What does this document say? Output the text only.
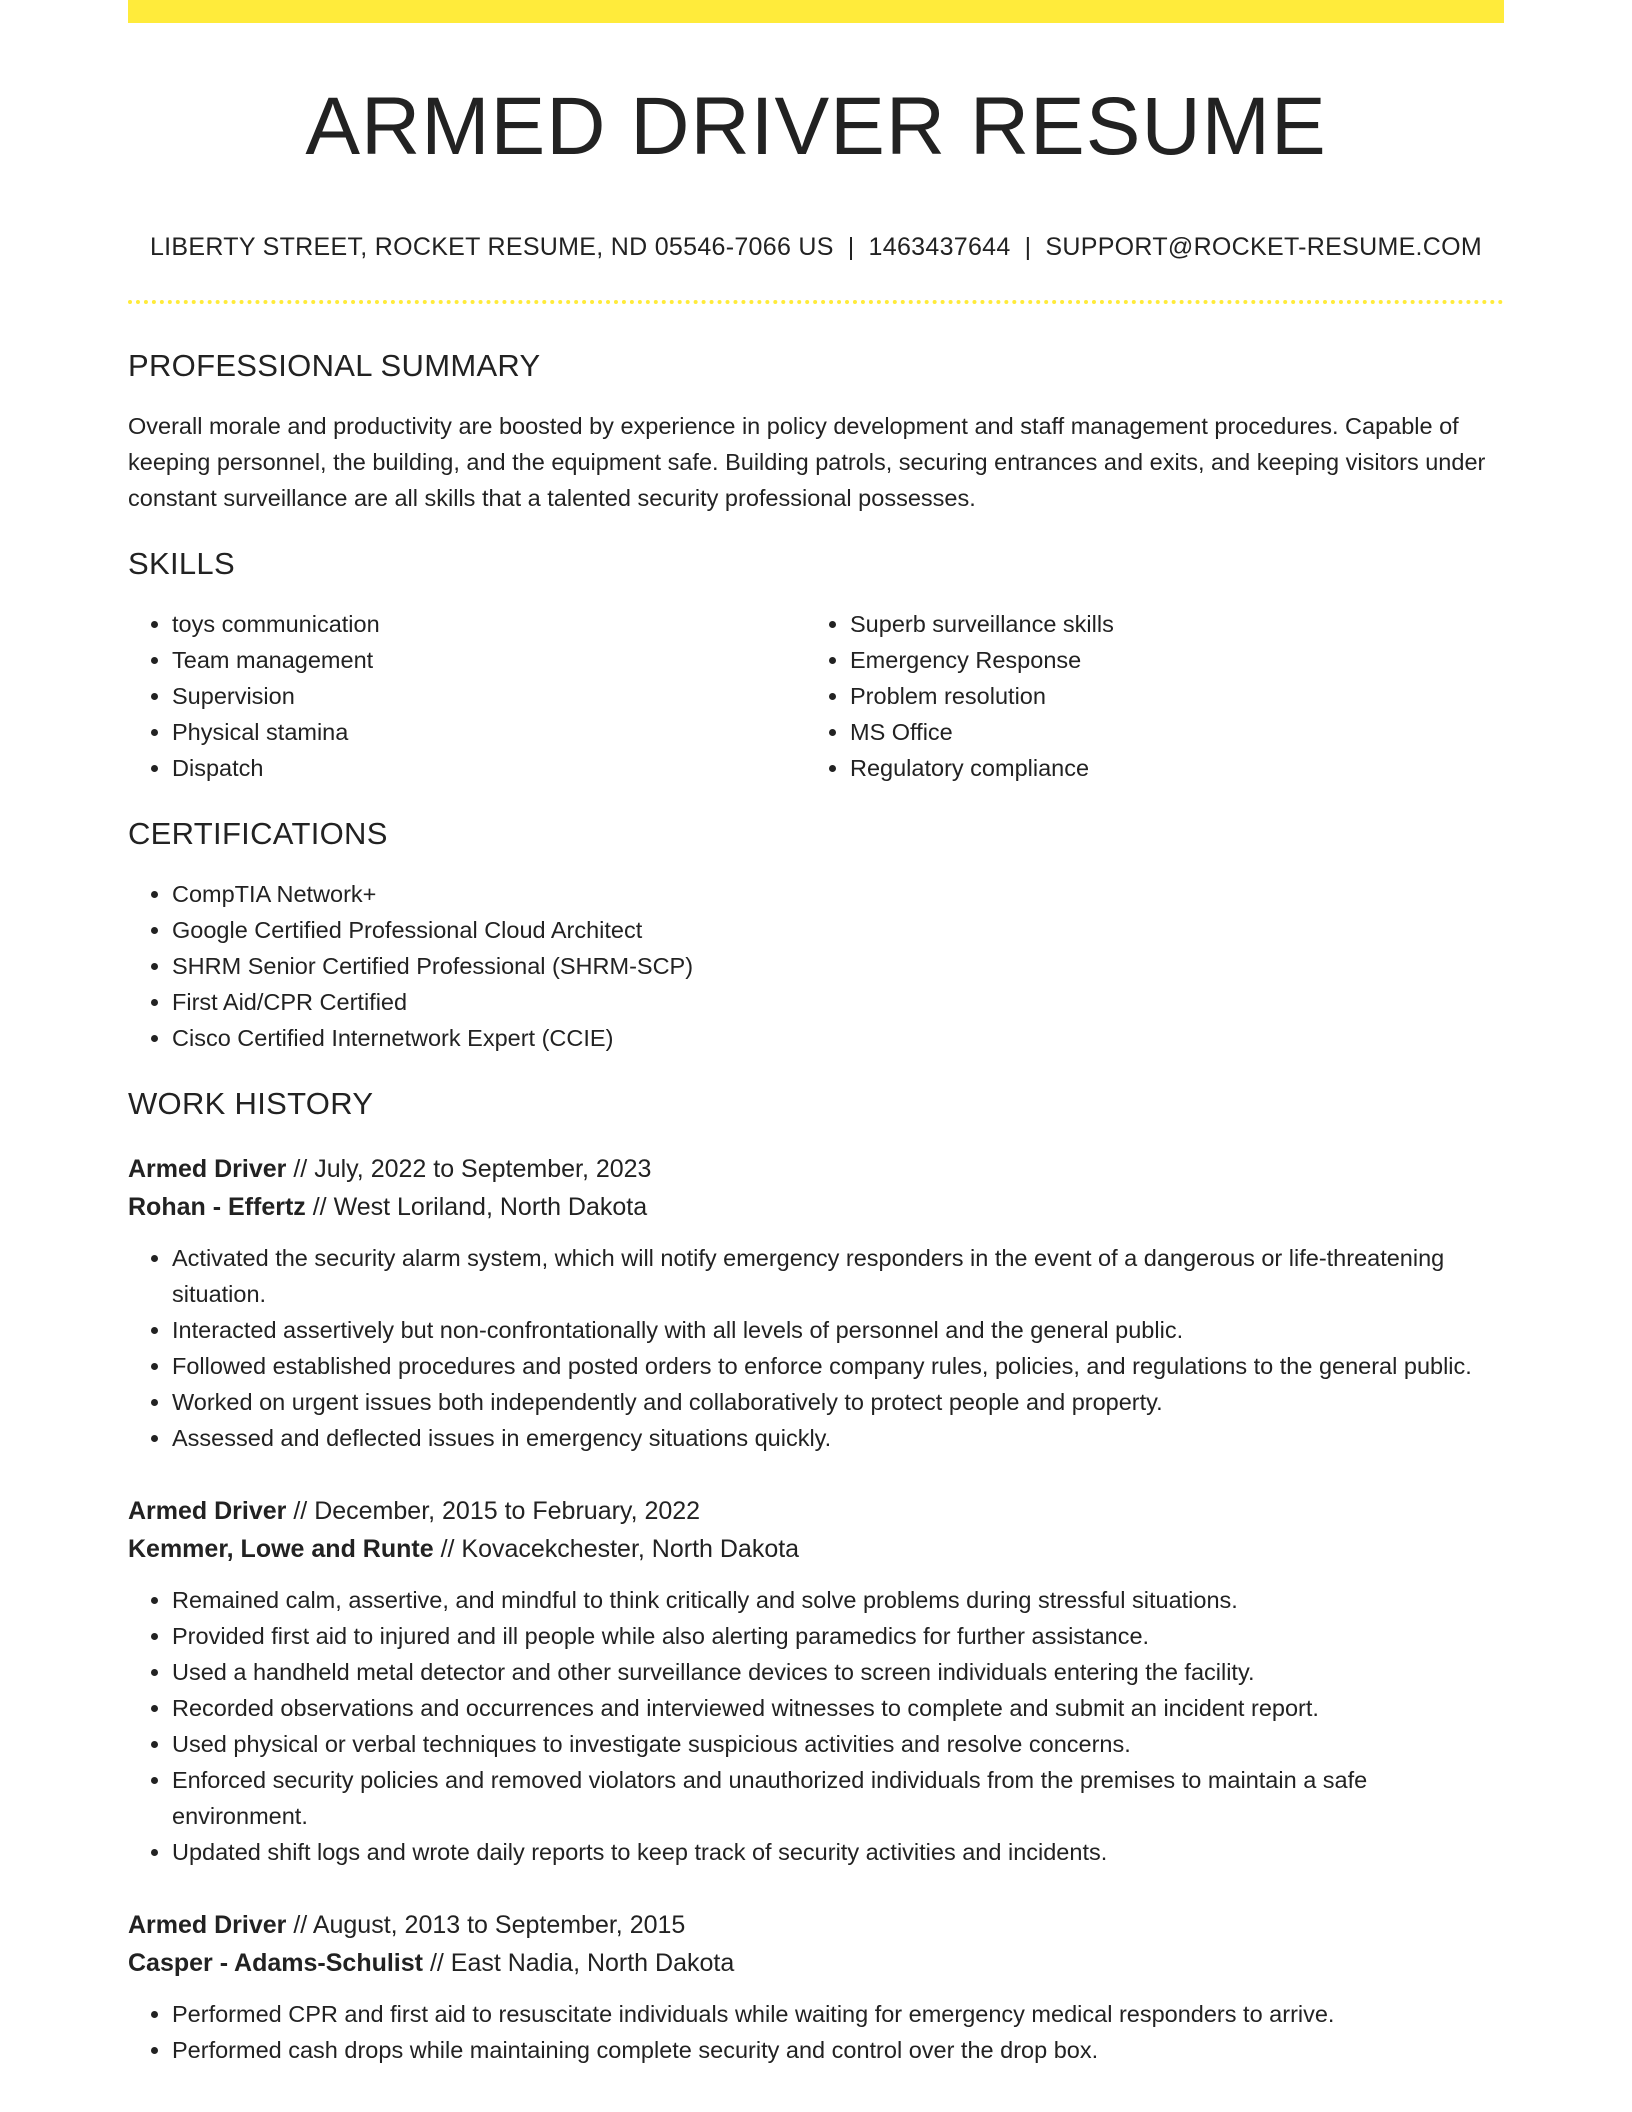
ARMED DRIVER RESUME
LIBERTY STREET, ROCKET RESUME, ND 05546-7066 US | 1463437644 | SUPPORT@ROCKET-RESUME.COM
PROFESSIONAL SUMMARY
Overall morale and productivity are boosted by experience in policy development and staff management procedures. Capable of keeping personnel, the building, and the equipment safe. Building patrols, securing entrances and exits, and keeping visitors under constant surveillance are all skills that a talented security professional possesses.
SKILLS
• toys communication
• Team management
• Supervision
• Physical stamina
• Dispatch
• Superb surveillance skills
• Emergency Response
• Problem resolution
• MS Office
• Regulatory compliance
CERTIFICATIONS
• CompTIA Network+
• Google Certified Professional Cloud Architect
• SHRM Senior Certified Professional (SHRM-SCP)
• First Aid/CPR Certified
• Cisco Certified Internetwork Expert (CCIE)
WORK HISTORY
Armed Driver // July, 2022 to September, 2023
Rohan - Effertz // West Loriland, North Dakota
• Activated the security alarm system, which will notify emergency responders in the event of a dangerous or life-threatening situation.
• Interacted assertively but non-confrontationally with all levels of personnel and the general public.
• Followed established procedures and posted orders to enforce company rules, policies, and regulations to the general public.
• Worked on urgent issues both independently and collaboratively to protect people and property.
• Assessed and deflected issues in emergency situations quickly.
Armed Driver // December, 2015 to February, 2022
Kemmer, Lowe and Runte // Kovacekchester, North Dakota
• Remained calm, assertive, and mindful to think critically and solve problems during stressful situations.
• Provided first aid to injured and ill people while also alerting paramedics for further assistance.
• Used a handheld metal detector and other surveillance devices to screen individuals entering the facility.
• Recorded observations and occurrences and interviewed witnesses to complete and submit an incident report.
• Used physical or verbal techniques to investigate suspicious activities and resolve concerns.
• Enforced security policies and removed violators and unauthorized individuals from the premises to maintain a safe environment.
• Updated shift logs and wrote daily reports to keep track of security activities and incidents.
Armed Driver // August, 2013 to September, 2015
Casper - Adams-Schulist // East Nadia, North Dakota
• Performed CPR and first aid to resuscitate individuals while waiting for emergency medical responders to arrive.
• Performed cash drops while maintaining complete security and control over the drop box.
